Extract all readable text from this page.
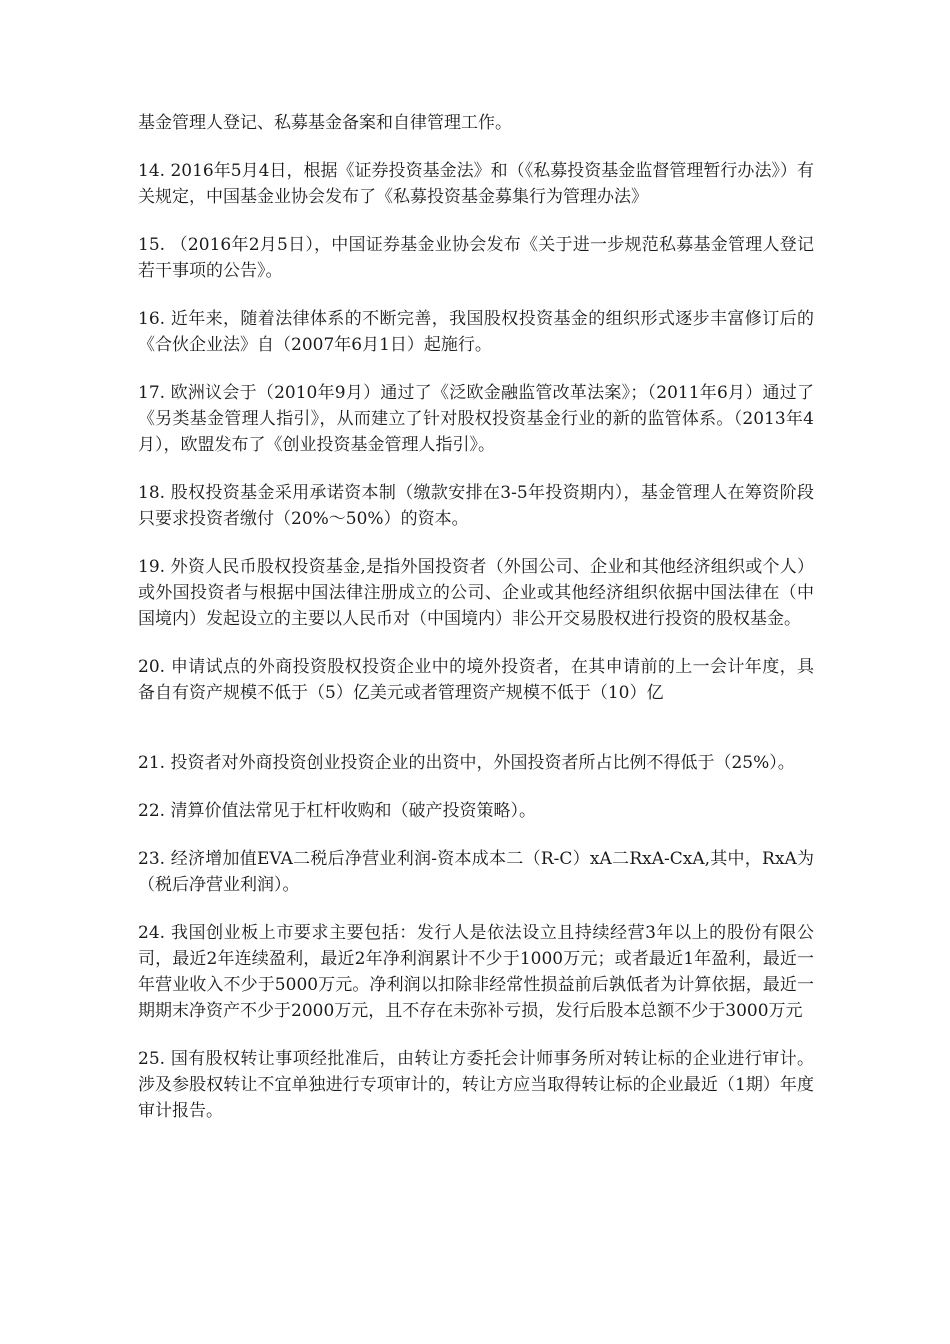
基金管理人登记、私募基金备案和自律管理工作。

14. 2016年5月4日，根据《证券投资基金法》和（《私募投资基金监督管理暂行办法》）有关规定，中国基金业协会发布了《私募投资基金募集行为管理办法》

15. （2016年2月5日），中国证券基金业协会发布《关于进一步规范私募基金管理人登记若干事项的公告》。

16. 近年来，随着法律体系的不断完善，我国股权投资基金的组织形式逐步丰富修订后的《合伙企业法》自（2007年6月1日）起施行。

17. 欧洲议会于（2010年9月）通过了《泛欧金融监管改革法案》；（2011年6月）通过了《另类基金管理人指引》，从而建立了针对股权投资基金行业的新的监管体系。（2013年4月），欧盟发布了《创业投资基金管理人指引》。

18. 股权投资基金采用承诺资本制（缴款安排在3-5年投资期内），基金管理人在筹资阶段只要求投资者缴付（20%〜50%）的资本。

19. 外资人民币股权投资基金,是指外国投资者（外国公司、企业和其他经济组织或个人）或外国投资者与根据中国法律注册成立的公司、企业或其他经济组织依据中国法律在（中国境内）发起设立的主要以人民币对（中国境内）非公开交易股权进行投资的股权基金。

20. 申请试点的外商投资股权投资企业中的境外投资者，在其申请前的上一会计年度，具备自有资产规模不低于（5）亿美元或者管理资产规模不低于（10）亿

21. 投资者对外商投资创业投资企业的出资中，外国投资者所占比例不得低于（25%）。

22. 清算价值法常见于杠杆收购和（破产投资策略）。

23. 经济增加值EVA二税后净营业利润-资本成本二（R-C）xA二RxA-CxA,其中，RxA为（税后净营业利润）。

24. 我国创业板上市要求主要包括：发行人是依法设立且持续经营3年以上的股份有限公司，最近2年连续盈利，最近2年净利润累计不少于1000万元；或者最近1年盈利，最近一年营业收入不少于5000万元。净利润以扣除非经常性损益前后孰低者为计算依据，最近一期期末净资产不少于2000万元，且不存在未弥补亏损，发行后股本总额不少于3000万元

25. 国有股权转让事项经批准后，由转让方委托会计师事务所对转让标的企业进行审计。涉及参股权转让不宜单独进行专项审计的，转让方应当取得转让标的企业最近（1期）年度审计报告。
